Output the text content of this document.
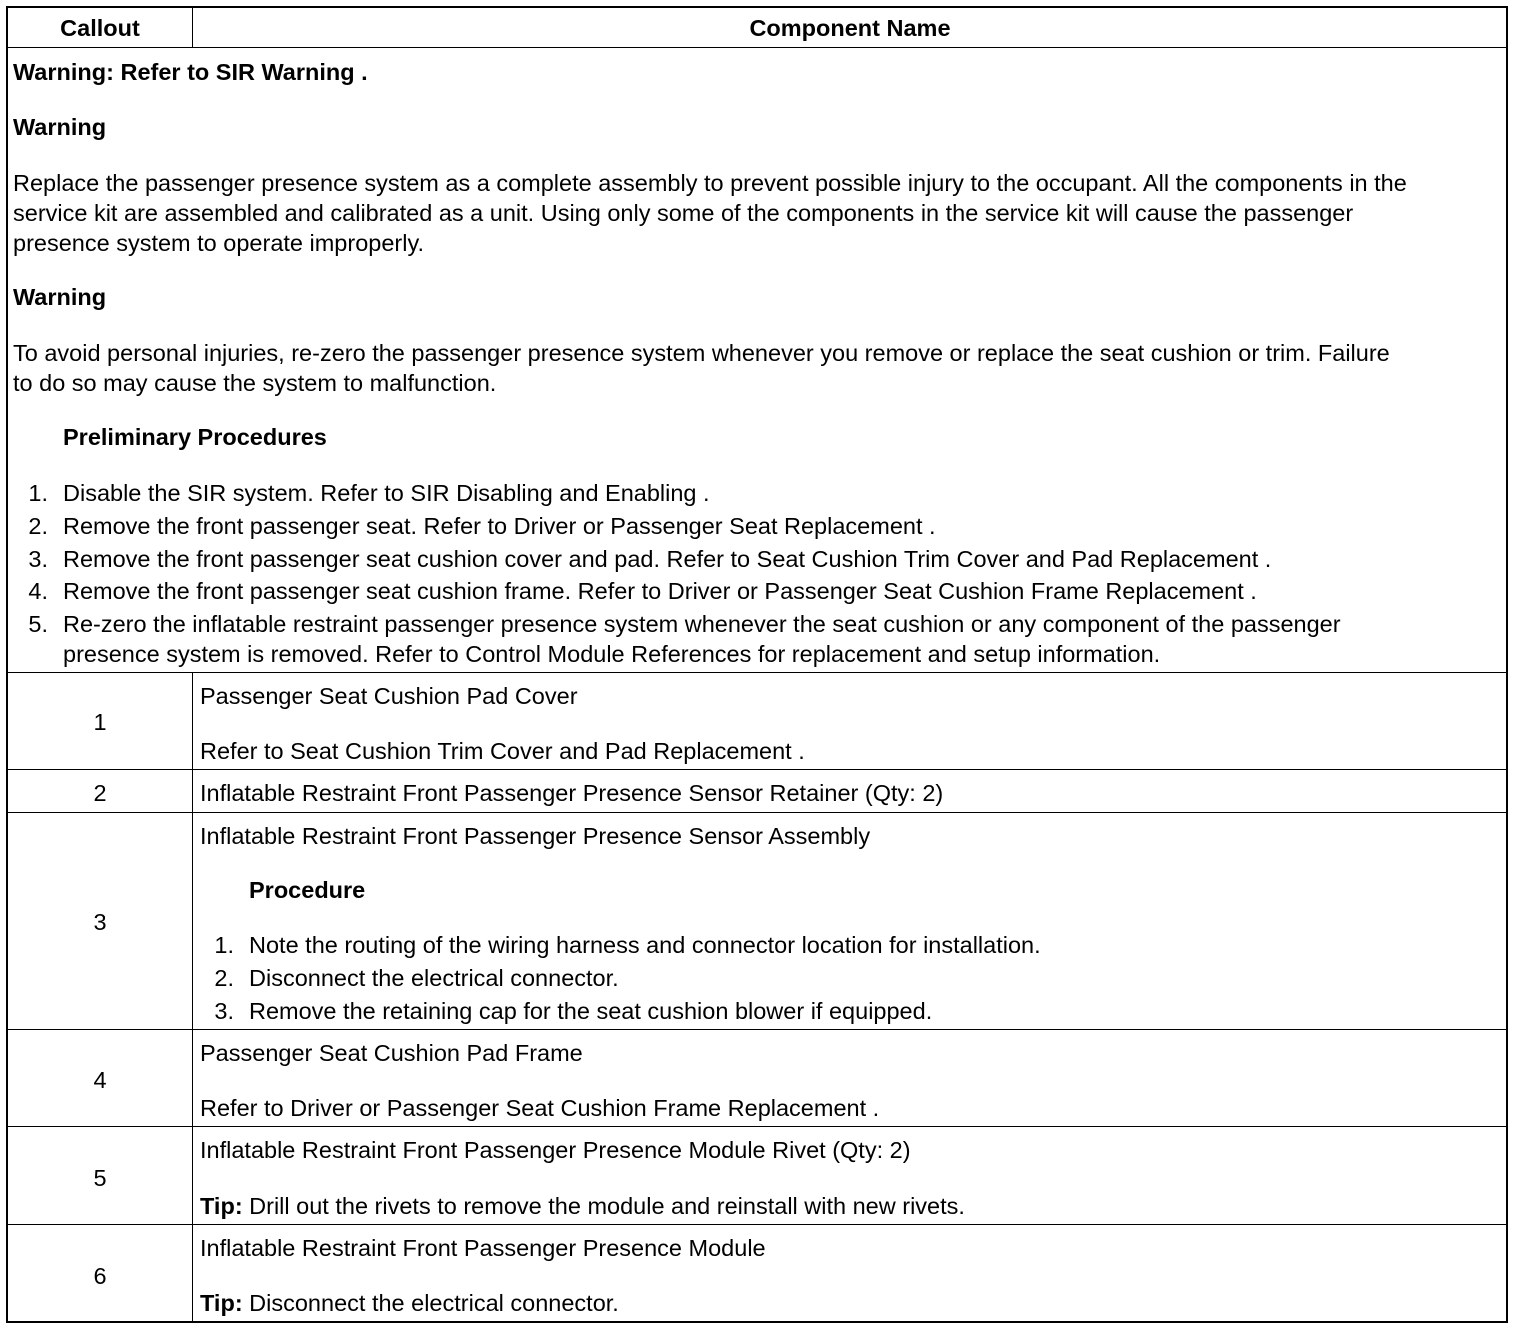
Callout	Component Name
Warning: Refer to SIR Warning .
Warning
Replace the passenger presence system as a complete assembly to prevent possible injury to the occupant. All the components in the
service kit are assembled and calibrated as a unit. Using only some of the components in the service kit will cause the passenger
presence system to operate improperly.
Warning
To avoid personal injuries, re-zero the passenger presence system whenever you remove or replace the seat cushion or trim. Failure
to do so may cause the system to malfunction.
Preliminary Procedures
1. Disable the SIR system. Refer to SIR Disabling and Enabling .
2. Remove the front passenger seat. Refer to Driver or Passenger Seat Replacement .
3. Remove the front passenger seat cushion cover and pad. Refer to Seat Cushion Trim Cover and Pad Replacement .
4. Remove the front passenger seat cushion frame. Refer to Driver or Passenger Seat Cushion Frame Replacement .
5. Re-zero the inflatable restraint passenger presence system whenever the seat cushion or any component of the passenger
presence system is removed. Refer to Control Module References for replacement and setup information.
1
Passenger Seat Cushion Pad Cover
Refer to Seat Cushion Trim Cover and Pad Replacement .
2	Inflatable Restraint Front Passenger Presence Sensor Retainer (Qty: 2)
3
Inflatable Restraint Front Passenger Presence Sensor Assembly
Procedure
1. Note the routing of the wiring harness and connector location for installation.
2. Disconnect the electrical connector.
3. Remove the retaining cap for the seat cushion blower if equipped.
4
Passenger Seat Cushion Pad Frame
Refer to Driver or Passenger Seat Cushion Frame Replacement .
5
Inflatable Restraint Front Passenger Presence Module Rivet (Qty: 2)
Tip: Drill out the rivets to remove the module and reinstall with new rivets.
6
Inflatable Restraint Front Passenger Presence Module
Tip: Disconnect the electrical connector.
